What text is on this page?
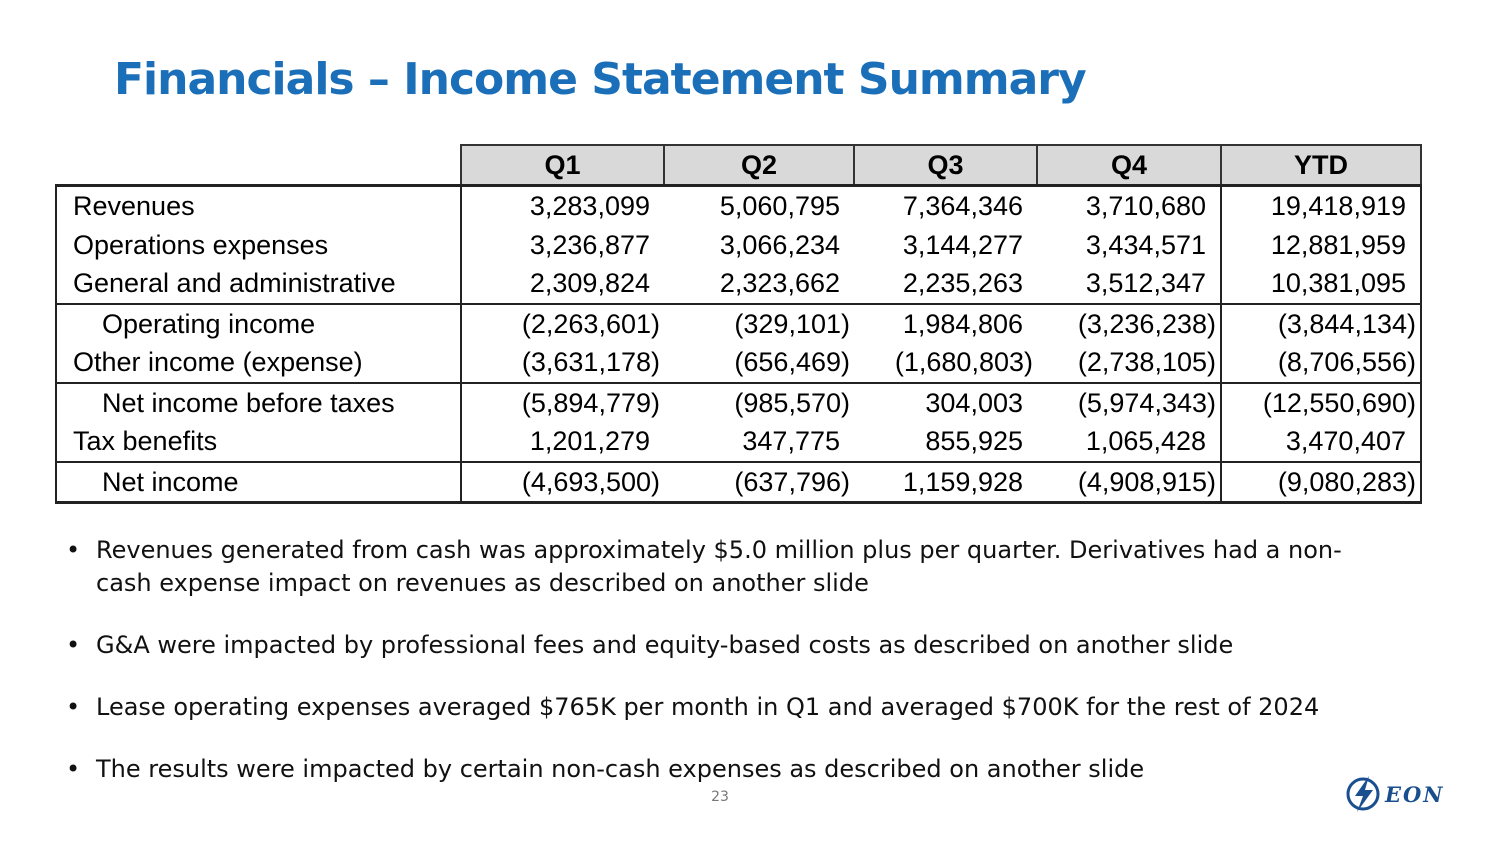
Financials – Income Statement Summary
	Q1	Q2	Q3	Q4	YTD
Revenues	3,283,099	5,060,795	7,364,346	3,710,680	19,418,919
Operations expenses	3,236,877	3,066,234	3,144,277	3,434,571	12,881,959
General and administrative	2,309,824	2,323,662	2,235,263	3,512,347	10,381,095
Operating income	(2,263,601)	(329,101)	1,984,806	(3,236,238)	(3,844,134)
Other income (expense)	(3,631,178)	(656,469)	(1,680,803)	(2,738,105)	(8,706,556)
Net income before taxes	(5,894,779)	(985,570)	304,003	(5,974,343)	(12,550,690)
Tax benefits	1,201,279	347,775	855,925	1,065,428	3,470,407
Net income	(4,693,500)	(637,796)	1,159,928	(4,908,915)	(9,080,283)
• Revenues generated from cash was approximately $5.0 million plus per quarter. Derivatives had a non-cash expense impact on revenues as described on another slide
• G&A were impacted by professional fees and equity-based costs as described on another slide
• Lease operating expenses averaged $765K per month in Q1 and averaged $700K for the rest of 2024
• The results were impacted by certain non-cash expenses as described on another slide
23	EON
